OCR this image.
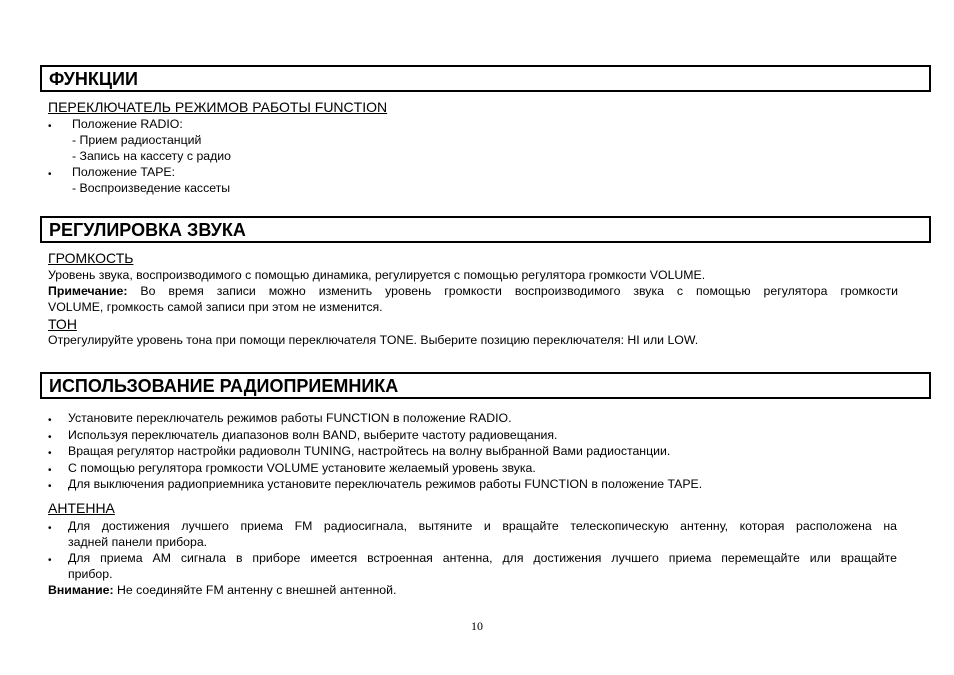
ФУНКЦИИ
ПЕРЕКЛЮЧАТЕЛЬ РЕЖИМОВ РАБОТЫ FUNCTION
• Положение RADIO:
- Прием радиостанций
- Запись на кассету с радио
• Положение TAPE:
- Воспроизведение кассеты
РЕГУЛИРОВКА ЗВУКА
ГРОМКОСТЬ
Уровень звука, воспроизводимого с помощью динамика, регулируется с помощью регулятора громкости VOLUME.
Примечание: Во время записи можно изменить уровень громкости воспроизводимого звука с помощью регулятора громкости
VOLUME, громкость самой записи при этом не изменится.
ТОН
Отрегулируйте уровень тона при помощи переключателя TONE. Выберите позицию переключателя: HI или LOW.
ИСПОЛЬЗОВАНИЕ РАДИОПРИЕМНИКА
• Установите переключатель режимов работы FUNCTION в положение RADIO.
• Используя переключатель диапазонов волн BAND, выберите частоту радиовещания.
• Вращая регулятор настройки радиоволн TUNING, настройтесь на волну выбранной Вами радиостанции.
• С помощью регулятора громкости VOLUME установите желаемый уровень звука.
• Для выключения радиоприемника установите переключатель режимов работы FUNCTION в положение TAPE.
АНТЕННА
• Для достижения лучшего приема FM радиосигнала, вытяните и вращайте телескопическую антенну, которая расположена на
задней панели прибора.
• Для приема AM сигнала в приборе имеется встроенная антенна, для достижения лучшего приема перемещайте или вращайте
прибор.
Внимание: Не соединяйте FM антенну с внешней антенной.
10
